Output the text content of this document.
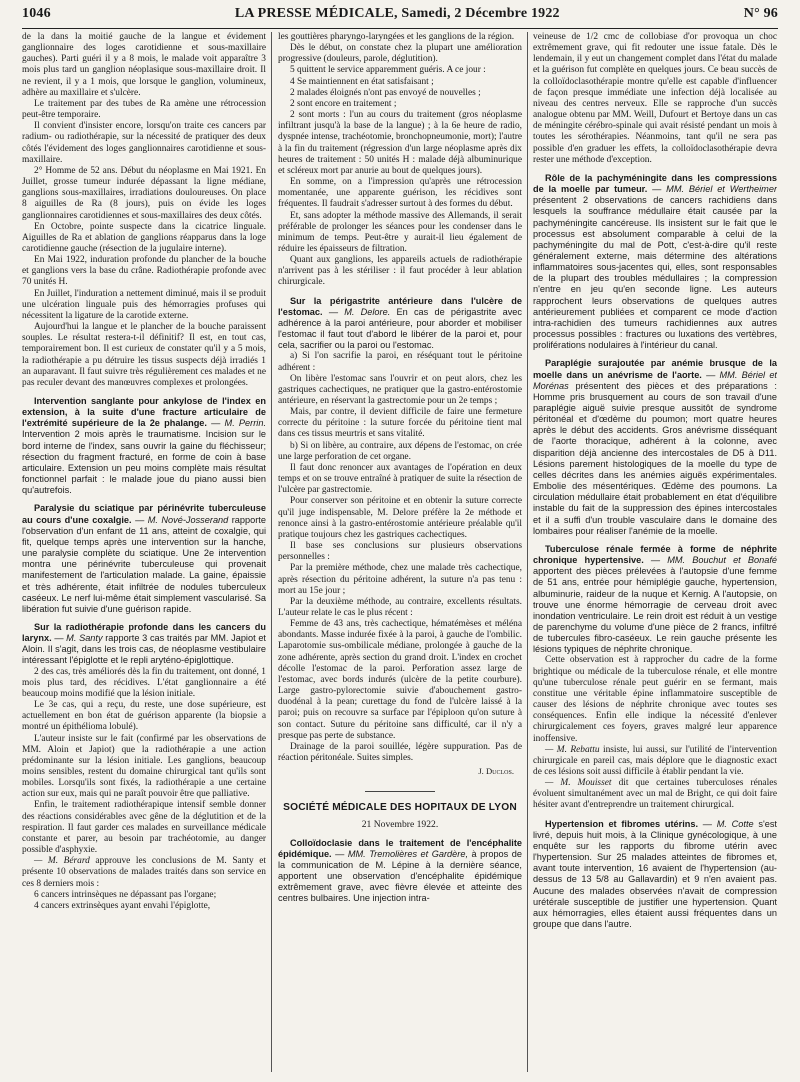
1046	LA PRESSE MÉDICALE, Samedi, 2 Décembre 1922	N° 96

de la dans la moitié gauche de la langue et évidement ganglionnaire des loges carotidienne et sous-maxillaire gauches). Parti guéri il y a 8 mois, le malade voit apparaître 3 mois plus tard un ganglion néoplasique sous-maxillaire droit. Il ne revient, il y a 1 mois, que lorsque le ganglion, volumineux, adhère au maxillaire et s'ulcère.

Le traitement par des tubes de Ra amène une rétrocession peut-être temporaire.

Il convient d'insister encore, lorsqu'on traite ces cancers par radium- ou radiothérapie, sur la nécessité de pratiquer des deux côtés l'évidement des loges ganglionnaires carotidienne et sous-maxillaire.

2° Homme de 52 ans. Début du néoplasme en Mai 1921. En Juillet, grosse tumeur indurée dépassant la ligne médiane, ganglions sous-maxillaires, irradiations douloureuses. On place 8 aiguilles de Ra (8 jours), puis on évide les loges ganglionnaires carotidiennes et sous-maxillaires des deux côtés.

En Octobre, pointe suspecte dans la cicatrice linguale. Aiguilles de Ra et ablation de ganglions réapparus dans la loge carotidienne gauche (résection de la jugulaire interne).

En Mai 1922, induration profonde du plancher de la bouche et ganglions vers la base du crâne. Radiothérapie profonde avec 70 unités H.

En Juillet, l'induration a nettement diminué, mais il se produit une ulcération linguale puis des hémorragies profuses qui nécessitent la ligature de la carotide externe.

Aujourd'hui la langue et le plancher de la bouche paraissent souples. Le résultat restera-t-il définitif? Il est, en tout cas, temporairement bon. Il est curieux de constater qu'il y a 5 mois, la radiothérapie a pu détruire les tissus suspects déjà irradiés 1 an auparavant. Il faut suivre très régulièrement ces malades et ne pas reculer devant des manœuvres complexes et prolongées.

Intervention sanglante pour ankylose de l'index en extension, à la suite d'une fracture articulaire de l'extrémité supérieure de la 2e phalange. — M. Perrin. Intervention 2 mois après le traumatisme. Incision sur le bord interne de l'index, sans ouvrir la gaine du fléchisseur; résection du fragment fracturé, en forme de coin à base articulaire. Extension un peu moins complète mais résultat fonctionnel parfait : le malade joue du piano aussi bien qu'autrefois.

Paralysie du sciatique par périnévrite tuberculeuse au cours d'une coxalgie. — M. Nové-Josserand rapporte l'observation d'un enfant de 11 ans, atteint de coxalgie, qui fit, quelque temps après une intervention sur la hanche, une paralysie complète du sciatique. Une 2e intervention montra une périnévrite tuberculeuse qui provenait manifestement de l'articulation malade. La gaine, épaissie et très adhérente, était infiltrée de nodules tuberculeux caséeux. Le nerf lui-même était simplement vascularisé. Sa libération fut suivie d'une guérison rapide.

Sur la radiothérapie profonde dans les cancers du larynx. — M. Santy rapporte 3 cas traités par MM. Japiot et Aloin. Il s'agit, dans les trois cas, de néoplasme vestibulaire intéressant l'épiglotte et le repli aryténo-épiglottique.

2 des cas, très améliorés dès la fin du traitement, ont donné, 1 mois plus tard, des récidives. L'état ganglionnaire a été beaucoup moins modifié que la lésion initiale.

Le 3e cas, qui a reçu, du reste, une dose supérieure, est actuellement en bon état de guérison apparente (la biopsie a montré un épithélioma lobulé).

L'auteur insiste sur le fait (confirmé par les observations de MM. Aloin et Japiot) que la radiothérapie a une action prédominante sur la lésion initiale. Les ganglions, beaucoup moins sensibles, restent du domaine chirurgical tant qu'ils sont mobiles. Lorsqu'ils sont fixés, la radiothérapie a une certaine action sur eux, mais qui ne paraît pouvoir être que palliative.

Enfin, le traitement radiothérapique intensif semble donner des réactions considérables avec gêne de la déglutition et de la respiration. Il faut garder ces malades en surveillance médicale constante et parer, au besoin par trachéotomie, au danger possible d'asphyxie.

— M. Bérard approuve les conclusions de M. Santy et présente 10 observations de malades traités dans son service en ces 8 derniers mois :

6 cancers intrinsèques ne dépassant pas l'organe;

4 cancers extrinsèques ayant envahi l'épiglotte,

les gouttières pharyngo-laryngées et les ganglions de la région.

Dès le début, on constate chez la plupart une amélioration progressive (douleurs, parole, déglutition).

5 quittent le service apparemment guéris. A ce jour :

4 Se maintiennent en état satisfaisant ;

2 malades éloignés n'ont pas envoyé de nouvelles ;

2 sont encore en traitement ;

2 sont morts : l'un au cours du traitement (gros néoplasme infiltrant jusqu'à la base de la langue) ; à la 6e heure de radio, dyspnée intense, trachéotomie, bronchopneumonie, mort); l'autre à la fin du traitement (régression d'un large néoplasme après dix heures de traitement : 50 unités H : malade déjà albuminurique et scléreux mort par anurie au bout de quelques jours).

En somme, on a l'impression qu'après une rétrocession momentanée, une apparente guérison, les récidives sont fréquentes. Il faudrait s'adresser surtout à des formes du début.

Et, sans adopter la méthode massive des Allemands, il serait préférable de prolonger les séances pour les condenser dans le minimum de temps. Peut-être y aurait-il lieu également de réduire les épaisseurs de filtration.

Quant aux ganglions, les appareils actuels de radiothérapie n'arrivent pas à les stériliser : il faut procéder à leur ablation chirurgicale.

Sur la périgastrite antérieure dans l'ulcère de l'estomac. — M. Delore. En cas de périgastrite avec adhérence à la paroi antérieure, pour aborder et mobiliser l'estomac il faut tout d'abord le libérer de la paroi et, pour cela, sacrifier ou la paroi ou l'estomac.

a) Si l'on sacrifie la paroi, en réséquant tout le péritoine adhérent :

On libère l'estomac sans l'ouvrir et on peut alors, chez les gastriques cachectiques, ne pratiquer que la gastro-entérostomie antérieure, en réservant la gastrectomie pour un 2e temps ;

Mais, par contre, il devient difficile de faire une fermeture correcte du péritoine : la suture forcée du péritoine tient mal dans ces tissus meurtris et sans vitalité.

b) Si on libère, au contraire, aux dépens de l'estomac, on crée une large perforation de cet organe.

Il faut donc renoncer aux avantages de l'opération en deux temps et on se trouve entraîné à pratiquer de suite la résection de l'ulcère par gastrectomie.

Pour conserver son péritoine et en obtenir la suture correcte qu'il juge indispensable, M. Delore préfère la 2e méthode et renonce ainsi à la gastro-entérostomie antérieure préalable qu'il pratique toujours chez les gastriques cachectiques.

Il base ses conclusions sur plusieurs observations personnelles :

Par la première méthode, chez une malade très cachectique, après résection du péritoine adhérent, la suture n'a pas tenu : mort au 15e jour ;

Par la deuxième méthode, au contraire, excellents résultats. L'auteur relate le cas le plus récent :

Femme de 43 ans, très cachectique, hématémèses et méléna abondants. Masse indurée fixée à la paroi, à gauche de l'ombilic. Laparotomie sus-ombilicale médiane, prolongée à gauche de la zone adhérente, après section du grand droit. L'index en crochet décolle l'estomac de la paroi. Perforation assez large de l'estomac, avec bords indurés (ulcère de la petite courbure). Large gastro-pylorectomie suivie d'abouchement gastro-duodénal à la pean; curettage du fond de l'ulcère laissé à la paroi; puis on recouvre sa surface par l'épiploon qu'on suture à son contact. Suture du péritoine sans difficulté, car il n'y a presque pas perte de substance.

Drainage de la paroi souillée, légère suppuration. Pas de réaction péritonéale. Suites simples.

J. Duclos.
SOCIÉTÉ MÉDICALE DES HOPITAUX DE LYON
21 Novembre 1922.

Colloïdoclasie dans le traitement de l'encéphalite épidémique. — MM. Tremolières et Gardère, à propos de la communication de M. Lépine à la dernière séance, apportent une observation d'encéphalite épidémique extrêmement grave, avec fièvre élevée et atteinte des centres bulbaires. Une injection intra-

veineuse de 1/2 cmc de collobiase d'or provoqua un choc extrêmement grave, qui fit redouter une issue fatale. Dès le lendemain, il y eut un changement complet dans l'état du malade et la guérison fut complète en quelques jours. Ce beau succès de la colloïdoclasothérapie montre qu'elle est capable d'influencer de façon presque immédiate une infection déjà localisée au niveau des centres nerveux. Elle se rapproche d'un succès analogue obtenu par MM. Weill, Dufourt et Bertoye dans un cas de méningite cérébro-spinale qui avait résisté pendant un mois à toutes les sérothérapies. Néanmoins, tant qu'il ne sera pas possible d'en graduer les effets, la colloïdoclasothérapie devra rester une méthode d'exception.

Rôle de la pachyméningite dans les compressions de la moelle par tumeur. — MM. Bériel et Wertheimer présentent 2 observations de cancers rachidiens dans lesquels la souffrance médullaire était causée par la pachyméningite cancéreuse. Ils insistent sur le fait que le processus est absolument comparable à celui de la pachyméningite du mal de Pott, c'est-à-dire qu'il reste généralement externe, mais détermine des altérations inflammatoires sous-jacentes qui, elles, sont responsables de la plupart des troubles médullaires ; la compression n'entre en jeu qu'en seconde ligne. Les auteurs rapprochent leurs observations de quelques autres antérieurement publiées et comparent ce mode d'action intra-rachidien des tumeurs rachidiennes aux autres processus possibles : fractures ou luxations des vertèbres, proliférations nodulaires à l'intérieur du canal.

Paraplégie surajoutée par anémie brusque de la moelle dans un anévrisme de l'aorte. — MM. Bériel et Morénas présentent des pièces et des préparations : Homme pris brusquement au cours de son travail d'une paraplégie aiguë suivie presque aussitôt de syndrome péritonéal et d'œdème du poumon; mort quatre heures après le début des accidents. Gros anévrisme disséquant de l'aorte thoracique, adhérent à la colonne, avec disparition déjà ancienne des intercostales de D5 à D11. Lésions parement histologiques de la moelle du type de celles décrites dans les anémies aiguës expérimentales. Embolie des mésentériques. Œdème des poumons. La circulation médullaire était probablement en état d'équilibre instable du fait de la suppression des épines intercostales et il a suffi d'un trouble vasculaire dans le domaine des lombaires pour réaliser l'anémie de la moelle.

Tuberculose rénale fermée à forme de néphrite chronique hypertensive. — MM. Bouchut et Bonafé apportent des pièces prélevées à l'autopsie d'une femme de 51 ans, entrée pour hémiplégie gauche, hypertension, albuminurie, raideur de la nuque et Kernig. A l'autopsie, on trouve une énorme hémorragie de cerveau droit avec inondation ventriculaire. Le rein droit est réduit à un vestige de parenchyme du volume d'une pièce de 2 francs, infiltré de tubercules fibro-caséeux. Le rein gauche présente les lésions typiques de néphrite chronique.

Cette observation est à rapprocher du cadre de la forme brightique ou médicale de la tuberculose rénale, et elle montre qu'une tuberculose rénale peut guérir en se fermant, mais constitue une véritable épine inflammatoire susceptible de causer des lésions de néphrite chronique avec toutes ses conséquences. Enfin elle indique la nécessité d'enlever chirurgicalement ces foyers, graves malgré leur apparence inoffensive.

— M. Rebattu insiste, lui aussi, sur l'utilité de l'intervention chirurgicale en pareil cas, mais déplore que le diagnostic exact de ces lésions soit aussi difficile à établir pendant la vie.

— M. Mouisset dit que certaines tuberculoses rénales évoluent simultanément avec un mal de Bright, ce qui doit faire hésiter avant d'entreprendre un traitement chirurgical.

Hypertension et fibromes utérins. — M. Cotte s'est livré, depuis huit mois, à la Clinique gynécologique, à une enquête sur les rapports du fibrome utérin avec l'hypertension. Sur 25 malades atteintes de fibromes et, avant toute intervention, 16 avaient de l'hypertension (au-dessus de 13 5/8 au Gallavardin) et 9 n'en avaient pas. Aucune des malades observées n'avait de compression urétérale susceptible de justifier une hypertension. Quant aux hémorragies, elles étaient aussi fréquentes dans un groupe que dans l'autre.
